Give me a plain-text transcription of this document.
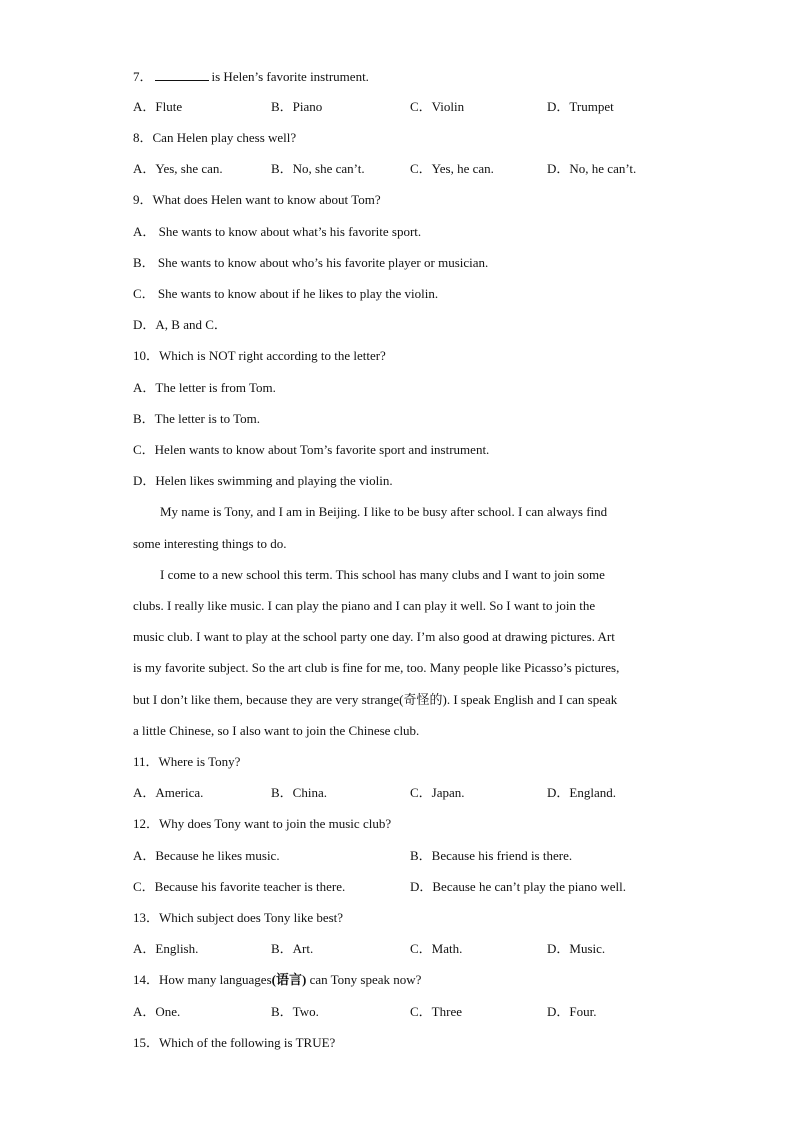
7．	is Helen’s favorite instrument.
A．Flute	B．Piano	C．Violin	D．Trumpet
8．Can Helen play chess well?
A．Yes, she can.	B．No, she can’t.	C．Yes, he can.	D．No, he can’t.
9．What does Helen want to know about Tom?
A． She wants to know about what’s his favorite sport.
B． She wants to know about who’s his favorite player or musician.
C． She wants to know about if he likes to play the violin.
D．A, B and C．
10．Which is NOT right according to the letter?
A．The letter is from Tom.
B．The letter is to Tom.
C．Helen wants to know about Tom’s favorite sport and instrument.
D．Helen likes swimming and playing the violin.
My name is Tony, and I am in Beijing. I like to be busy after school. I can always find
some interesting things to do.
I come to a new school this term. This school has many clubs and I want to join some
clubs. I really like music. I can play the piano and I can play it well. So I want to join the
music club. I want to play at the school party one day. I’m also good at drawing pictures. Art
is my favorite subject. So the art club is fine for me, too. Many people like Picasso’s pictures,
but I don’t like them, because they are very strange(奇怪的). I speak English and I can speak
a little Chinese, so I also want to join the Chinese club.
11．Where is Tony?
A．America.	B．China.	C．Japan.	D．England.
12．Why does Tony want to join the music club?
A．Because he likes music.	B．Because his friend is there.
C．Because his favorite teacher is there.	D．Because he can’t play the piano well.
13．Which subject does Tony like best?
A．English.	B．Art.	C．Math.	D．Music.
14．How many languages(语言) can Tony speak now?
A．One.	B．Two.	C．Three	D．Four.
15．Which of the following is TRUE?
